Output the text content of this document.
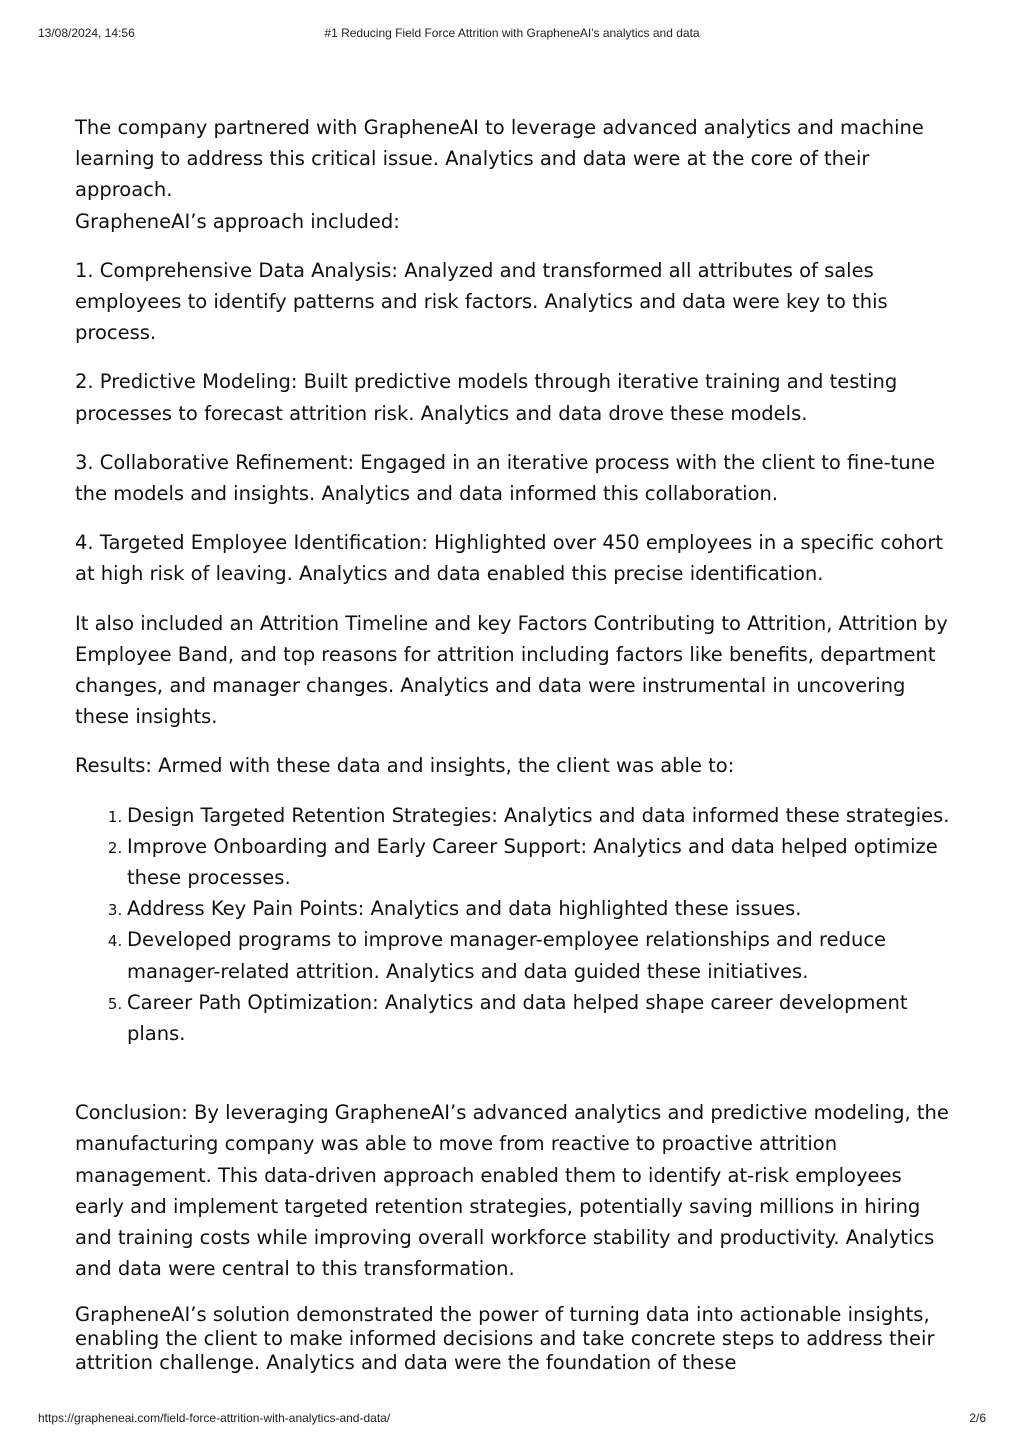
13/08/2024, 14:56	#1 Reducing Field Force Attrition with GrapheneAI's analytics and data

The company partnered with GrapheneAI to leverage advanced analytics and machine learning to address this critical issue. Analytics and data were at the core of their approach.

GrapheneAI’s approach included:

1. Comprehensive Data Analysis: Analyzed and transformed all attributes of sales employees to identify patterns and risk factors. Analytics and data were key to this process.

2. Predictive Modeling: Built predictive models through iterative training and testing processes to forecast attrition risk. Analytics and data drove these models.

3. Collaborative Refinement: Engaged in an iterative process with the client to fine-tune the models and insights. Analytics and data informed this collaboration.

4. Targeted Employee Identification: Highlighted over 450 employees in a specific cohort at high risk of leaving. Analytics and data enabled this precise identification.

It also included an Attrition Timeline and key Factors Contributing to Attrition, Attrition by Employee Band, and top reasons for attrition including factors like benefits, department changes, and manager changes. Analytics and data were instrumental in uncovering these insights.

Results: Armed with these data and insights, the client was able to:

1. Design Targeted Retention Strategies: Analytics and data informed these strategies.
2. Improve Onboarding and Early Career Support: Analytics and data helped optimize these processes.
3. Address Key Pain Points: Analytics and data highlighted these issues.
4. Developed programs to improve manager-employee relationships and reduce manager-related attrition. Analytics and data guided these initiatives.
5. Career Path Optimization: Analytics and data helped shape career development plans.

Conclusion: By leveraging GrapheneAI’s advanced analytics and predictive modeling, the manufacturing company was able to move from reactive to proactive attrition management. This data-driven approach enabled them to identify at-risk employees early and implement targeted retention strategies, potentially saving millions in hiring and training costs while improving overall workforce stability and productivity. Analytics and data were central to this transformation.

GrapheneAI’s solution demonstrated the power of turning data into actionable insights, enabling the client to make informed decisions and take concrete steps to address their attrition challenge. Analytics and data were the foundation of these

https://grapheneai.com/field-force-attrition-with-analytics-and-data/	2/6
